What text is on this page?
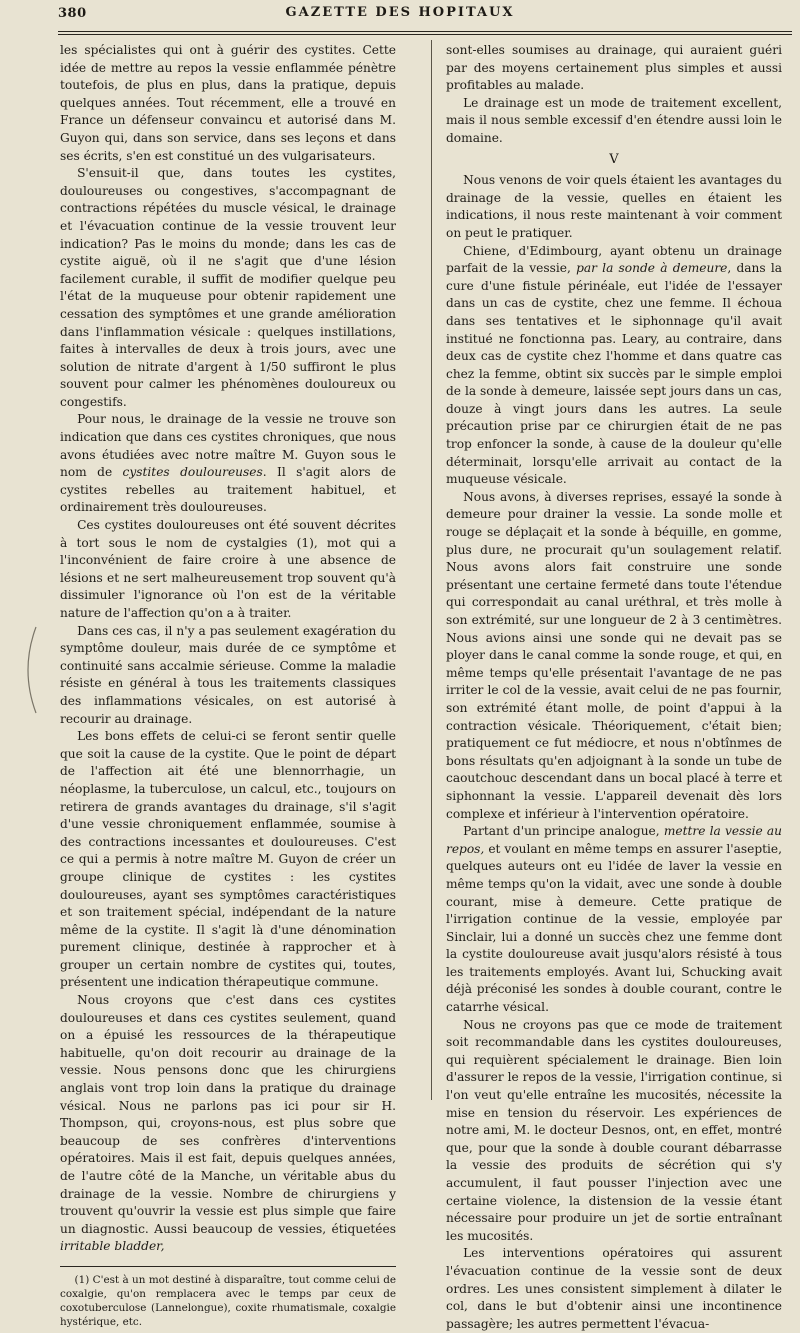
380	GAZETTE DES HOPITAUX

les spécialistes qui ont à guérir des cystites. Cette idée de mettre au repos la vessie enflammée pénètre toutefois, de plus en plus, dans la pratique, depuis quelques années. Tout récemment, elle a trouvé en France un défenseur convaincu et autorisé dans M. Guyon qui, dans son service, dans ses leçons et dans ses écrits, s'en est constitué un des vulgarisateurs.

S'ensuit-il que, dans toutes les cystites, douloureuses ou congestives, s'accompagnant de contractions répétées du muscle vésical, le drainage et l'évacuation continue de la vessie trouvent leur indication? Pas le moins du monde; dans les cas de cystite aiguë, où il ne s'agit que d'une lésion facilement curable, il suffit de modifier quelque peu l'état de la muqueuse pour obtenir rapidement une cessation des symptômes et une grande amélioration dans l'inflammation vésicale : quelques instillations, faites à intervalles de deux à trois jours, avec une solution de nitrate d'argent à 1/50 suffiront le plus souvent pour calmer les phénomènes douloureux ou congestifs.

Pour nous, le drainage de la vessie ne trouve son indication que dans ces cystites chroniques, que nous avons étudiées avec notre maître M. Guyon sous le nom de cystites douloureuses. Il s'agit alors de cystites rebelles au traitement habituel, et ordinairement très douloureuses.

Ces cystites douloureuses ont été souvent décrites à tort sous le nom de cystalgies (1), mot qui a l'inconvénient de faire croire à une absence de lésions et ne sert malheureusement trop souvent qu'à dissimuler l'ignorance où l'on est de la véritable nature de l'affection qu'on a à traiter.

Dans ces cas, il n'y a pas seulement exagération du symptôme douleur, mais durée de ce symptôme et continuité sans accalmie sérieuse. Comme la maladie résiste en général à tous les traitements classiques des inflammations vésicales, on est autorisé à recourir au drainage.

Les bons effets de celui-ci se feront sentir quelle que soit la cause de la cystite. Que le point de départ de l'affection ait été une blennorrhagie, un néoplasme, la tuberculose, un calcul, etc., toujours on retirera de grands avantages du drainage, s'il s'agit d'une vessie chroniquement enflammée, soumise à des contractions incessantes et douloureuses. C'est ce qui a permis à notre maître M. Guyon de créer un groupe clinique de cystites : les cystites douloureuses, ayant ses symptômes caractéristiques et son traitement spécial, indépendant de la nature même de la cystite. Il s'agit là d'une dénomination purement clinique, destinée à rapprocher et à grouper un certain nombre de cystites qui, toutes, présentent une indication thérapeutique commune.

Nous croyons que c'est dans ces cystites douloureuses et dans ces cystites seulement, quand on a épuisé les ressources de la thérapeutique habituelle, qu'on doit recourir au drainage de la vessie. Nous pensons donc que les chirurgiens anglais vont trop loin dans la pratique du drainage vésical. Nous ne parlons pas ici pour sir H. Thompson, qui, croyons-nous, est plus sobre que beaucoup de ses confrères d'interventions opératoires. Mais il est fait, depuis quelques années, de l'autre côté de la Manche, un véritable abus du drainage de la vessie. Nombre de chirurgiens y trouvent qu'ouvrir la vessie est plus simple que faire un diagnostic. Aussi beaucoup de vessies, étiquetées irritable bladder,

(1) C'est à un mot destiné à disparaître, tout comme celui de coxalgie, qu'on remplacera avec le temps par ceux de coxotuberculose (Lannelongue), coxite rhumatismale, coxalgie hystérique, etc.

sont-elles soumises au drainage, qui auraient guéri par des moyens certainement plus simples et aussi profitables au malade.

Le drainage est un mode de traitement excellent, mais il nous semble excessif d'en étendre aussi loin le domaine.

V

Nous venons de voir quels étaient les avantages du drainage de la vessie, quelles en étaient les indications, il nous reste maintenant à voir comment on peut le pratiquer.

Chiene, d'Edimbourg, ayant obtenu un drainage parfait de la vessie, par la sonde à demeure, dans la cure d'une fistule périnéale, eut l'idée de l'essayer dans un cas de cystite, chez une femme. Il échoua dans ses tentatives et le siphonnage qu'il avait institué ne fonctionna pas. Leary, au contraire, dans deux cas de cystite chez l'homme et dans quatre cas chez la femme, obtint six succès par le simple emploi de la sonde à demeure, laissée sept jours dans un cas, douze à vingt jours dans les autres. La seule précaution prise par ce chirurgien était de ne pas trop enfoncer la sonde, à cause de la douleur qu'elle déterminait, lorsqu'elle arrivait au contact de la muqueuse vésicale.

Nous avons, à diverses reprises, essayé la sonde à demeure pour drainer la vessie. La sonde molle et rouge se déplaçait et la sonde à béquille, en gomme, plus dure, ne procurait qu'un soulagement relatif. Nous avons alors fait construire une sonde présentant une certaine fermeté dans toute l'étendue qui correspondait au canal uréthral, et très molle à son extrémité, sur une longueur de 2 à 3 centimètres. Nous avions ainsi une sonde qui ne devait pas se ployer dans le canal comme la sonde rouge, et qui, en même temps qu'elle présentait l'avantage de ne pas irriter le col de la vessie, avait celui de ne pas fournir, son extrémité étant molle, de point d'appui à la contraction vésicale. Théoriquement, c'était bien; pratiquement ce fut médiocre, et nous n'obtînmes de bons résultats qu'en adjoignant à la sonde un tube de caoutchouc descendant dans un bocal placé à terre et siphonnant la vessie. L'appareil devenait dès lors complexe et inférieur à l'intervention opératoire.

Partant d'un principe analogue, mettre la vessie au repos, et voulant en même temps en assurer l'aseptie, quelques auteurs ont eu l'idée de laver la vessie en même temps qu'on la vidait, avec une sonde à double courant, mise à demeure. Cette pratique de l'irrigation continue de la vessie, employée par Sinclair, lui a donné un succès chez une femme dont la cystite douloureuse avait jusqu'alors résisté à tous les traitements employés. Avant lui, Schucking avait déjà préconisé les sondes à double courant, contre le catarrhe vésical.

Nous ne croyons pas que ce mode de traitement soit recommandable dans les cystites douloureuses, qui requièrent spécialement le drainage. Bien loin d'assurer le repos de la vessie, l'irrigation continue, si l'on veut qu'elle entraîne les mucosités, nécessite la mise en tension du réservoir. Les expériences de notre ami, M. le docteur Desnos, ont, en effet, montré que, pour que la sonde à double courant débarrasse la vessie des produits de sécrétion qui s'y accumulent, il faut pousser l'injection avec une certaine violence, la distension de la vessie étant nécessaire pour produire un jet de sortie entraînant les mucosités.

Les interventions opératoires qui assurent l'évacuation continue de la vessie sont de deux ordres. Les unes consistent simplement à dilater le col, dans le but d'obtenir ainsi une incontinence passagère; les autres permettent l'évacua-
